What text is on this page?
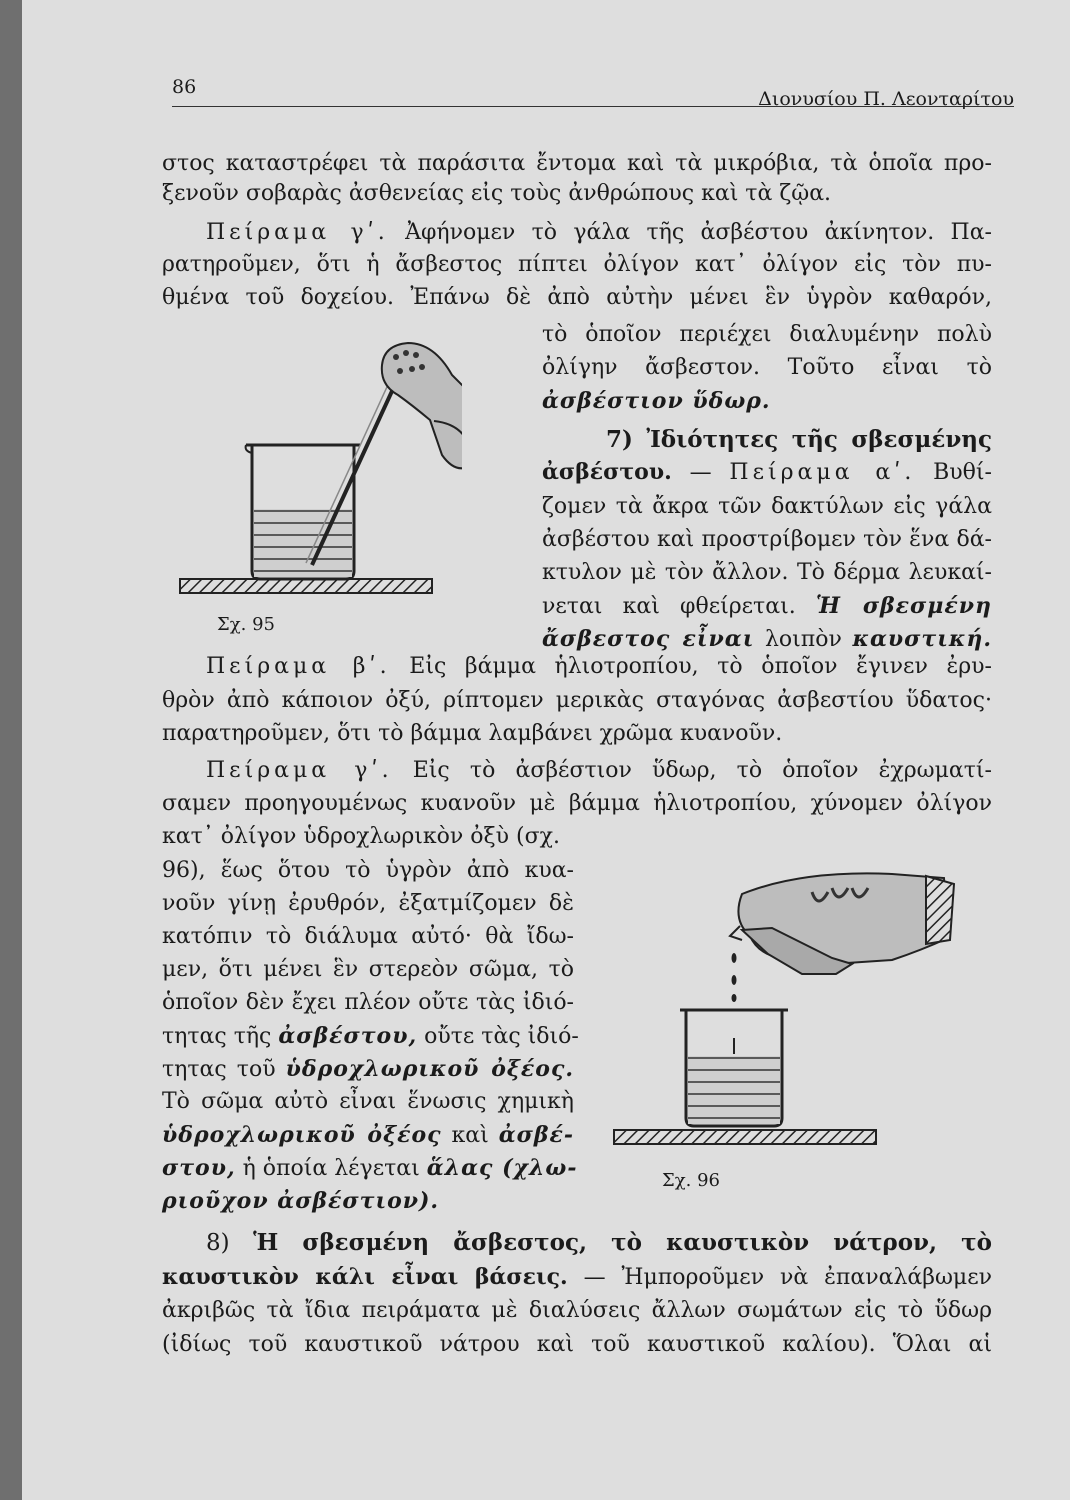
86
Διονυσίου Π. Λεονταρίτου
στος καταστρέφει τὰ παράσιτα ἔντομα καὶ τὰ μικρόβια, τὰ ὁποῖα προ-
ξενοῦν σοβαρὰς ἀσθενείας εἰς τοὺς ἀνθρώπους καὶ τὰ ζῷα.
Πείραμα γʹ. Ἀφήνομεν τὸ γάλα τῆς ἀσβέστου ἀκίνητον. Πα-
ρατηροῦμεν, ὅτι ἡ ἄσβεστος πίπτει ὀλίγον κατ᾽ ὀλίγον εἰς τὸν πυ-
θμένα τοῦ δοχείου. Ἐπάνω δὲ ἀπὸ αὐτὴν μένει ἓν ὑγρὸν καθαρόν,
τὸ ὁποῖον περιέχει διαλυμένην πολὺ
ὀλίγην ἄσβεστον. Τοῦτο εἶναι τὸ
ἀσβέστιον ὕδωρ.
7) Ἰδιότητες τῆς σβεσμένης
ἀσβέστου. — Πείραμα αʹ. Βυθί-
ζομεν τὰ ἄκρα τῶν δακτύλων εἰς γάλα
ἀσβέστου καὶ προστρίβομεν τὸν ἕνα δά-
κτυλον μὲ τὸν ἄλλον. Τὸ δέρμα λευκαί-
νεται καὶ φθείρεται. Ἡ σβεσμένη
ἄσβεστος εἶναι λοιπὸν καυστική.
Πείραμα βʹ. Εἰς βάμμα ἡλιοτροπίου, τὸ ὁποῖον ἔγινεν ἐρυ-
θρὸν ἀπὸ κάποιον ὀξύ, ρίπτομεν μερικὰς σταγόνας ἀσβεστίου ὕδατος·
παρατηροῦμεν, ὅτι τὸ βάμμα λαμβάνει χρῶμα κυανοῦν.
Πείραμα γʹ. Εἰς τὸ ἀσβέστιον ὕδωρ, τὸ ὁποῖον ἐχρωματί-
σαμεν προηγουμένως κυανοῦν μὲ βάμμα ἡλιοτροπίου, χύνομεν ὀλίγον
κατ᾽ ὀλίγον ὑδροχλωρικὸν ὀξὺ (σχ.
96), ἕως ὅτου τὸ ὑγρὸν ἀπὸ κυα-
νοῦν γίνῃ ἐρυθρόν, ἐξατμίζομεν δὲ
κατόπιν τὸ διάλυμα αὐτό· θὰ ἴδω-
μεν, ὅτι μένει ἓν στερεὸν σῶμα, τὸ
ὁποῖον δὲν ἔχει πλέον οὔτε τὰς ἰδιό-
τητας τῆς ἀσβέστου, οὔτε τὰς ἰδιό-
τητας τοῦ ὑδροχλωρικοῦ ὀξέος.
Τὸ σῶμα αὐτὸ εἶναι ἕνωσις χημικὴ
ὑδροχλωρικοῦ ὀξέος καὶ ἀσβέ-
στου, ἡ ὁποία λέγεται ἅλας (χλω-
ριοῦχον ἀσβέστιον).
8) Ἡ σβεσμένη ἄσβεστος, τὸ καυστικὸν νάτρον, τὸ
καυστικὸν κάλι εἶναι βάσεις. — Ἠμποροῦμεν νὰ ἐπαναλάβωμεν
ἀκριβῶς τὰ ἴδια πειράματα μὲ διαλύσεις ἄλλων σωμάτων εἰς τὸ ὕδωρ
(ἰδίως τοῦ καυστικοῦ νάτρου καὶ τοῦ καυστικοῦ καλίου). Ὅλαι αἱ
Σχ. 95
Σχ. 96
